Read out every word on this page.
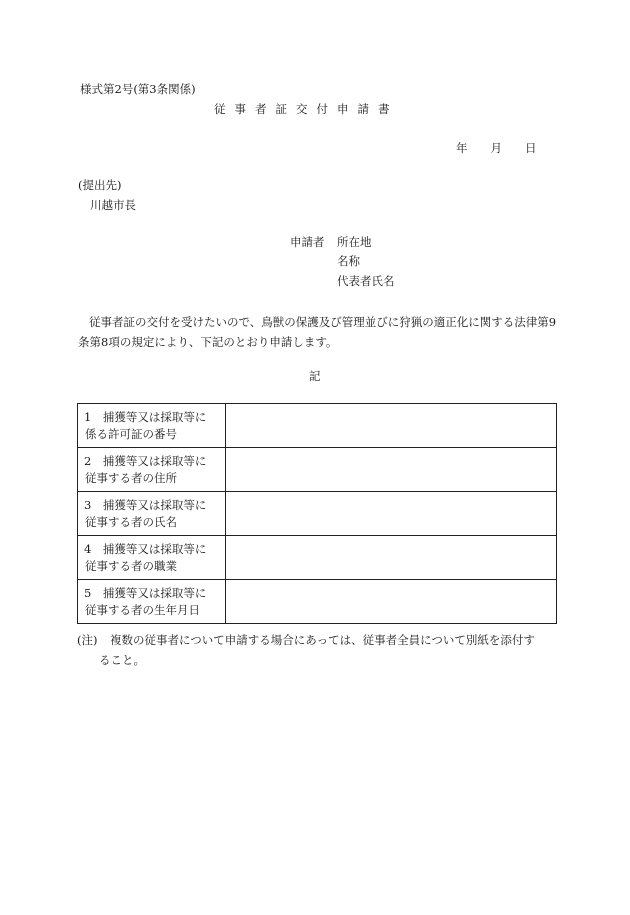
様式第2号(第3条関係)
従事者証交付申請書
年 月 日
(提出先)
川越市長
申請者 所在地
名称
代表者氏名
従事者証の交付を受けたいので、鳥獣の保護及び管理並びに狩猟の適正化に関する法律第9条第8項の規定により、下記のとおり申請します。
記
1　捕獲等又は採取等に
係る許可証の番号	

2　捕獲等又は採取等に
従事する者の住所	

3　捕獲等又は採取等に
従事する者の氏名	

4　捕獲等又は採取等に
従事する者の職業	

5　捕獲等又は採取等に
従事する者の生年月日	

(注) 複数の従事者について申請する場合にあっては、従事者全員について別紙を添付す
ること。
